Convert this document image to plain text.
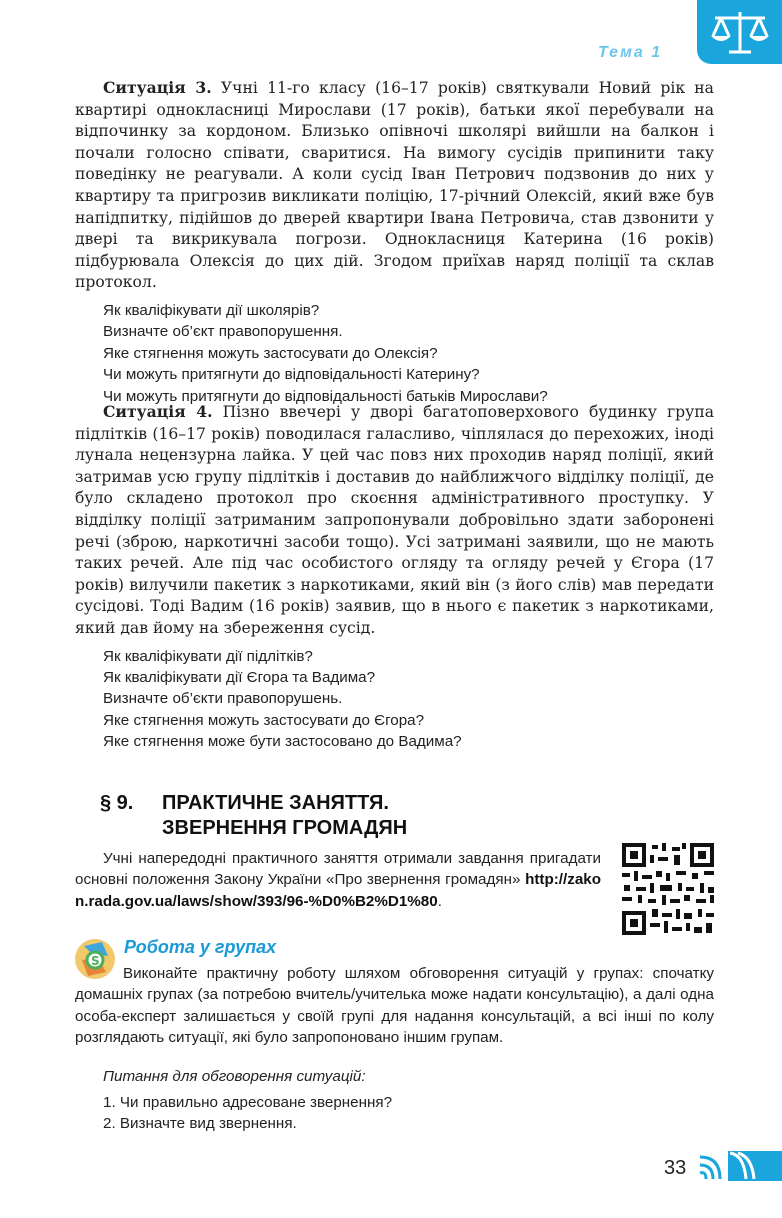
Тема 1

Ситуація 3. Учні 11-го класу (16–17 років) святкували Новий рік на квартирі однокласниці Мирослави (17 років), батьки якої перебували на відпочинку за кордоном. Близько опівночі школярі вийшли на балкон і почали голосно співати, сваритися. На вимогу сусідів припинити таку поведінку не реагували. А коли сусід Іван Петрович подзвонив до них у квартиру та пригрозив викликати поліцію, 17-річний Олексій, який вже був напідпитку, підійшов до дверей квартири Івана Петровича, став дзвонити у двері та викрикувала погрози. Однокласниця Катерина (16 років) підбурювала Олексія до цих дій. Згодом приїхав наряд поліції та склав протокол.

Як кваліфікувати дії школярів?
Визначте об’єкт правопорушення.
Яке стягнення можуть застосувати до Олексія?
Чи можуть притягнути до відповідальності Катерину?
Чи можуть притягнути до відповідальності батьків Мирослави?

Ситуація 4. Пізно ввечері у дворі багатоповерхового будинку група підлітків (16–17 років) поводилася галасливо, чіплялася до перехожих, іноді лунала нецензурна лайка. У цей час повз них проходив наряд поліції, який затримав усю групу підлітків і доставив до найближчого відділку поліції, де було складено протокол про скоєння адміністративного проступку. У відділку поліції затриманим запропонували добровільно здати заборонені речі (зброю, наркотичні засоби тощо). Усі затримані заявили, що не мають таких речей. Але під час особистого огляду та огляду речей у Єгора (17 років) вилучили пакетик з наркотиками, який він (з його слів) мав передати сусідові. Тоді Вадим (16 років) заявив, що в нього є пакетик з наркотиками, який дав йому на збереження сусід.

Як кваліфікувати дії підлітків?
Як кваліфікувати дії Єгора та Вадима?
Визначте об’єкти правопорушень.
Яке стягнення можуть застосувати до Єгора?
Яке стягнення може бути застосовано до Вадима?
§ 9. ПРАКТИЧНЕ ЗАНЯТТЯ.
ЗВЕРНЕННЯ ГРОМАДЯН
Учні напередодні практичного заняття отримали завдання пригадати основні положення Закону України «Про звернення громадян» http://zakon.rada.gov.ua/laws/show/393/96-%D0%B2%D1%80.
S
Робота у групах
Виконайте практичну роботу шляхом обговорення ситуацій у групах: спочатку домашніх групах (за потребою вчитель/учителька може надати консультацію), а далі одна особа-експерт залишається у своїй групі для надання консультацій, а всі інші по колу розглядають ситуації, які було запропоновано іншим групам.
Питання для обговорення ситуацій:
1. Чи правильно адресоване звернення?
2. Визначте вид звернення.
33
